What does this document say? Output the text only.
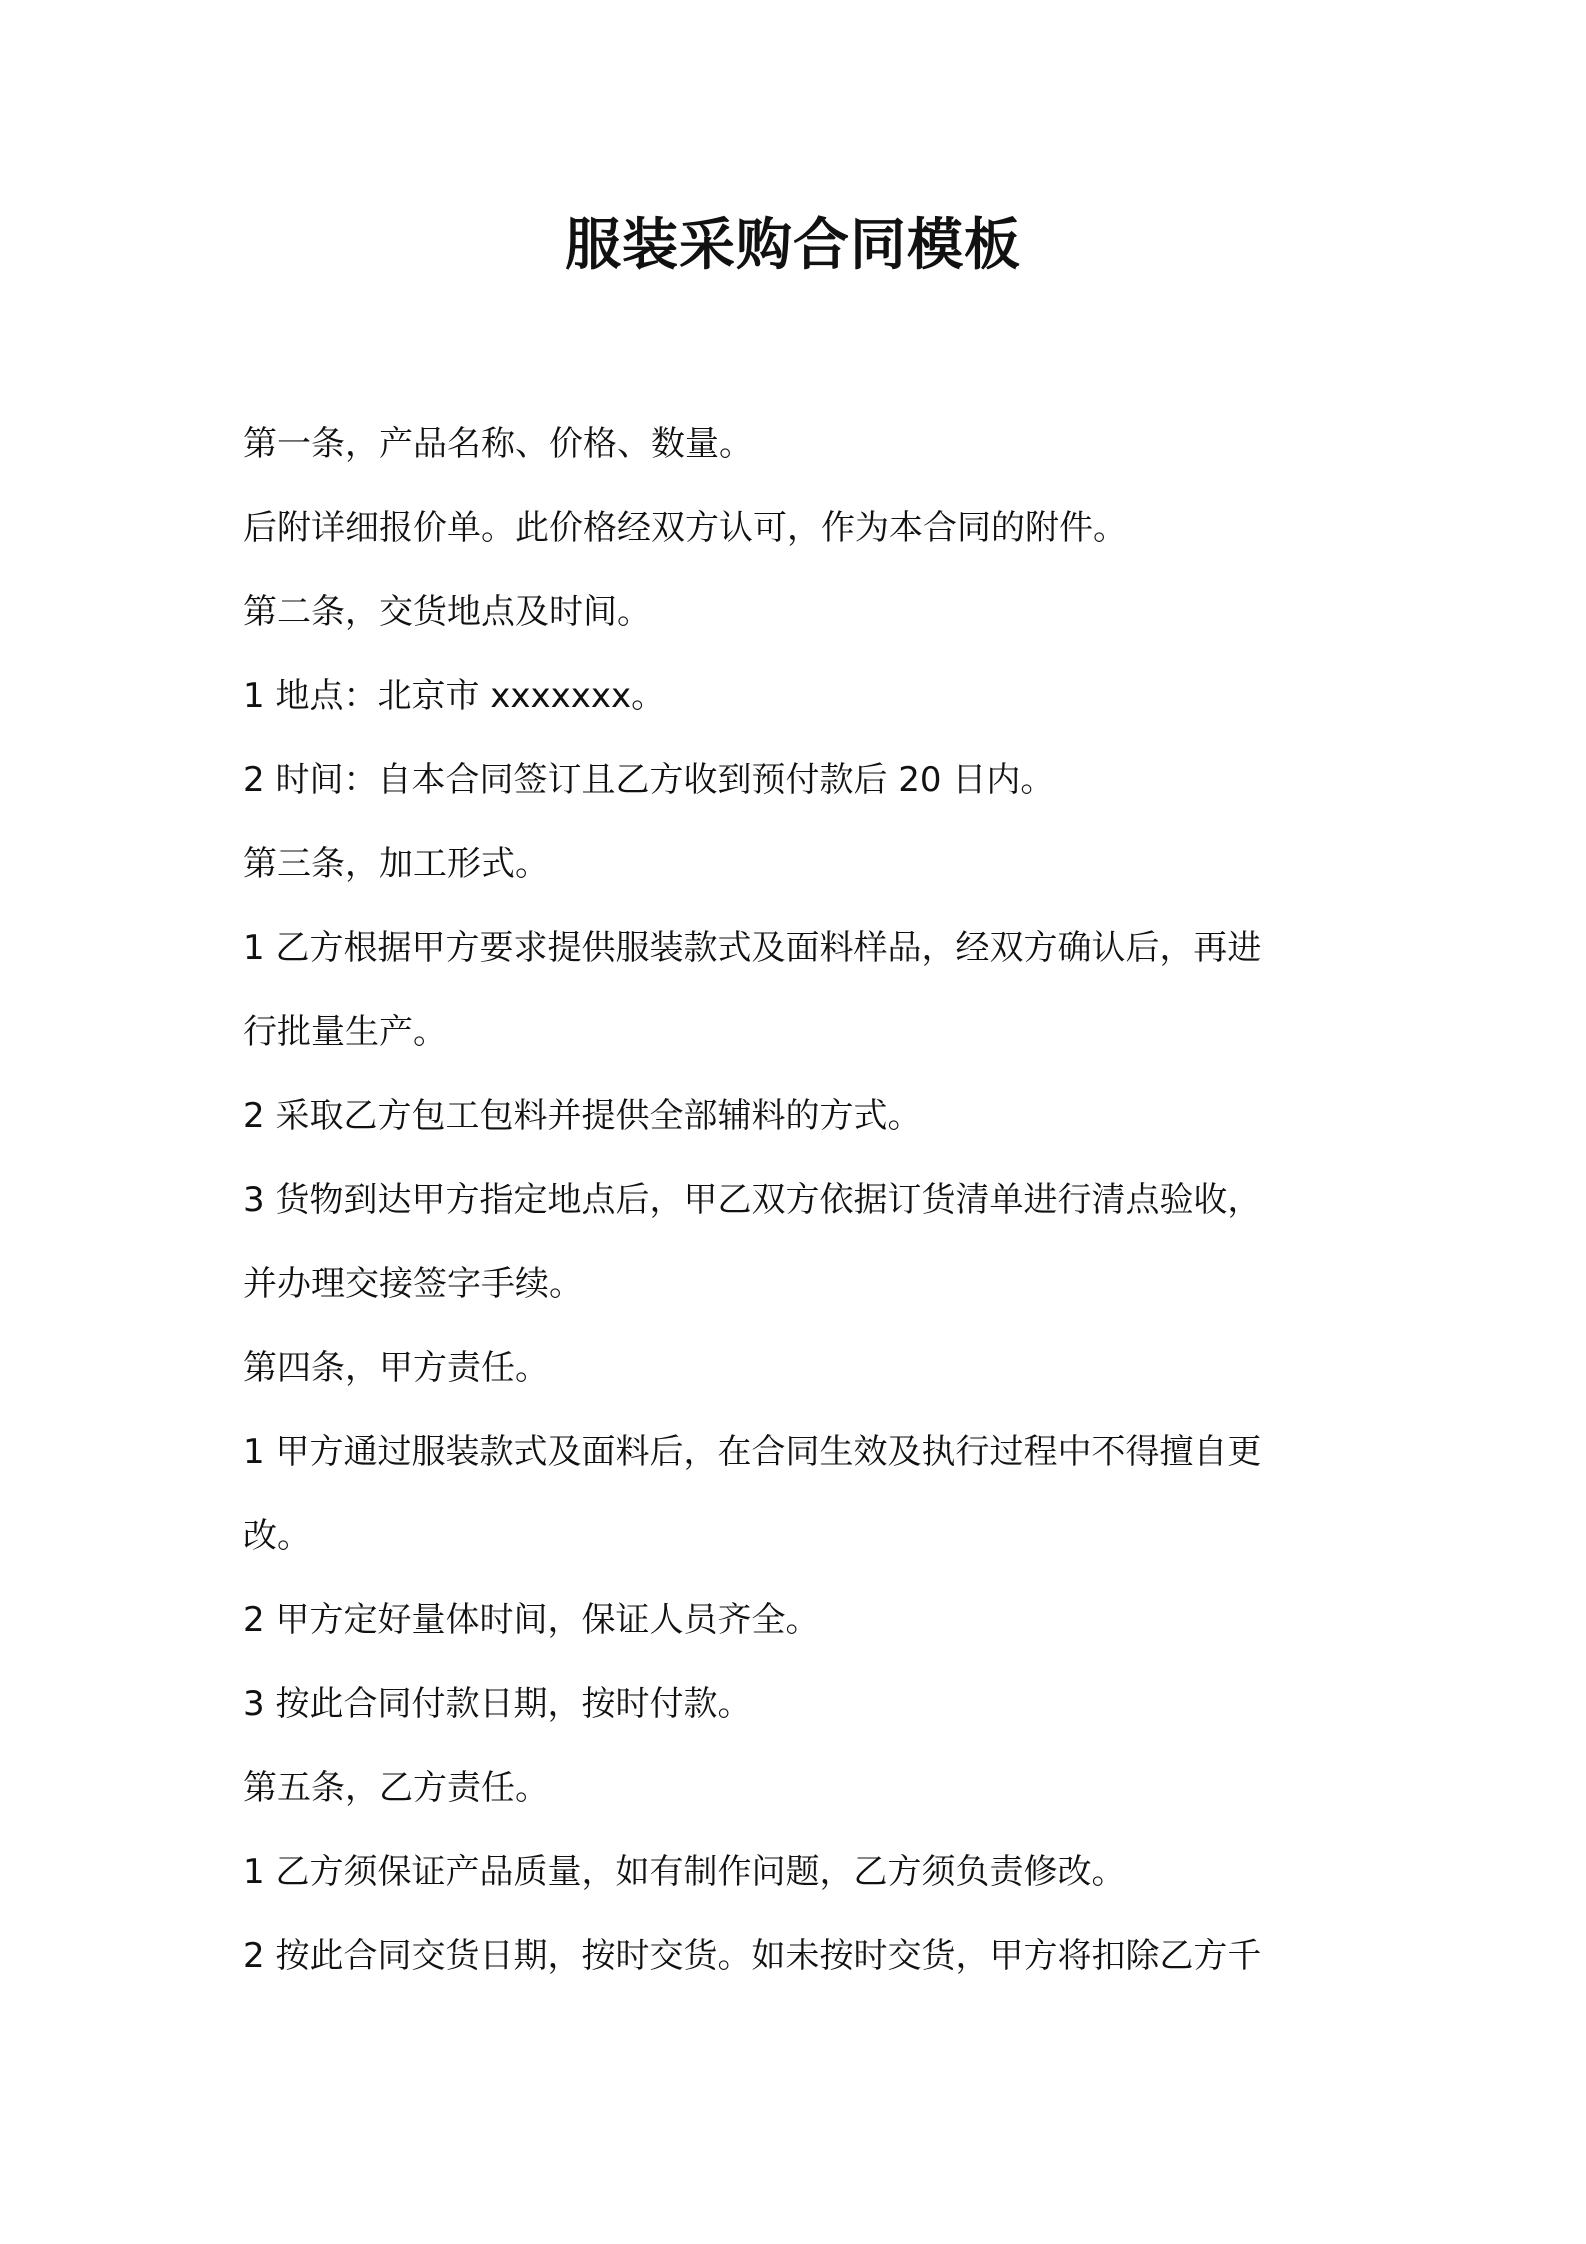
服装采购合同模板

第一条，产品名称、价格、数量。

后附详细报价单。此价格经双方认可，作为本合同的附件。

第二条，交货地点及时间。

1 地点：北京市 xxxxxxx。

2 时间：自本合同签订且乙方收到预付款后 20 日内。

第三条，加工形式。

1 乙方根据甲方要求提供服装款式及面料样品，经双方确认后，再进

行批量生产。

2 采取乙方包工包料并提供全部辅料的方式。

3 货物到达甲方指定地点后，甲乙双方依据订货清单进行清点验收，

并办理交接签字手续。

第四条，甲方责任。

1 甲方通过服装款式及面料后，在合同生效及执行过程中不得擅自更

改。

2 甲方定好量体时间，保证人员齐全。

3 按此合同付款日期，按时付款。

第五条，乙方责任。

1 乙方须保证产品质量，如有制作问题，乙方须负责修改。

2 按此合同交货日期，按时交货。如未按时交货，甲方将扣除乙方千
